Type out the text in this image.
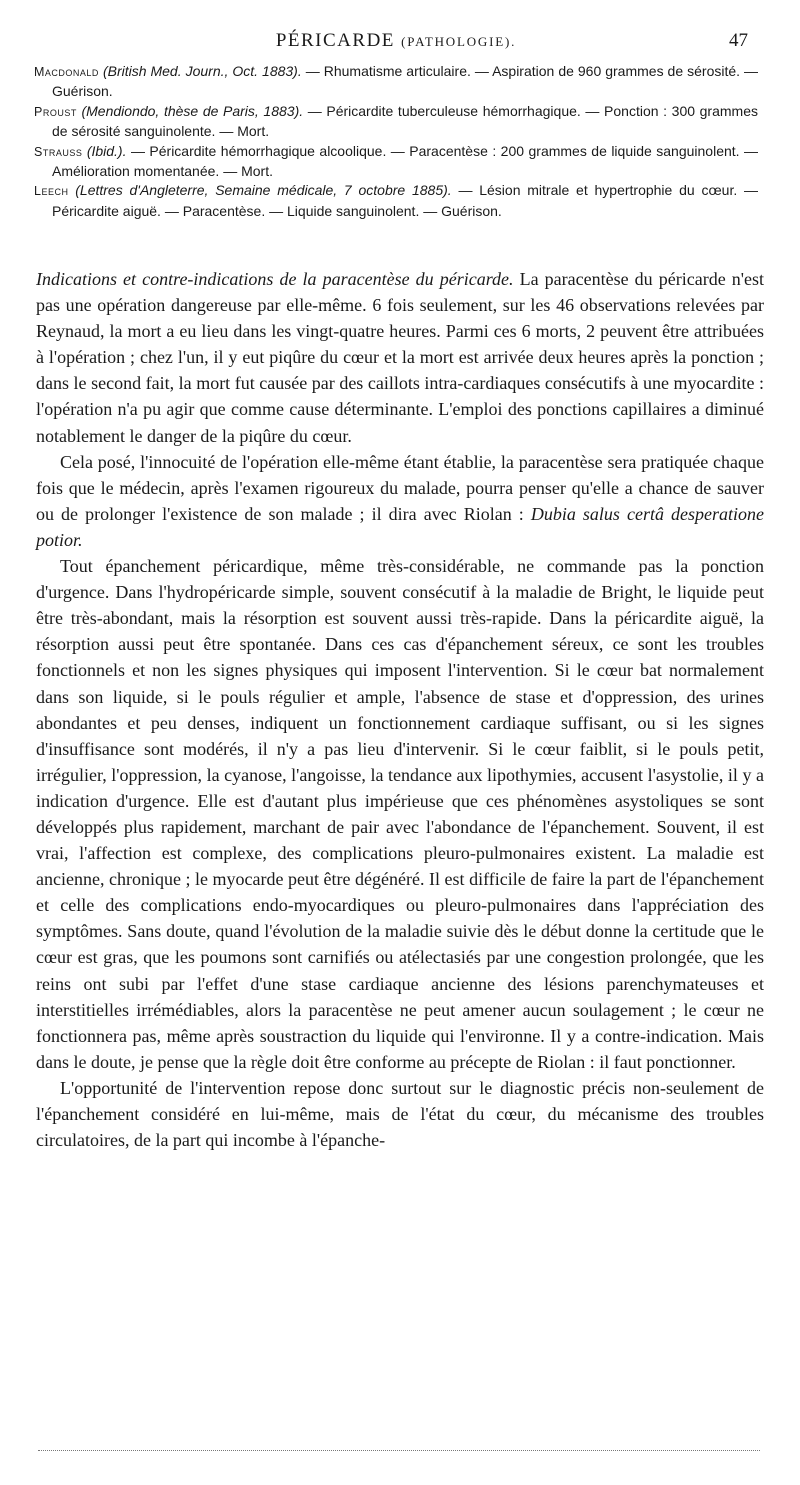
PÉRICARDE (PATHOLOGIE).	47

Macdonald (British Med. Journ., Oct. 1883). — Rhumatisme articulaire. — Aspiration de 960 grammes de sérosité. — Guérison.

Proust (Mendiondo, thèse de Paris, 1883). — Péricardite tuberculeuse hémorrhagique. — Ponction : 300 grammes de sérosité sanguinolente. — Mort.

Strauss (Ibid.). — Péricardite hémorrhagique alcoolique. — Paracentèse : 200 grammes de liquide sanguinolent. — Amélioration momentanée. — Mort.

Leech (Lettres d'Angleterre, Semaine médicale, 7 octobre 1885). — Lésion mitrale et hypertrophie du cœur. — Péricardite aiguë. — Paracentèse. — Liquide sanguinolent. — Guérison.

Indications et contre-indications de la paracentèse du péricarde. La paracentèse du péricarde n'est pas une opération dangereuse par elle-même. 6 fois seulement, sur les 46 observations relevées par Reynaud, la mort a eu lieu dans les vingt-quatre heures. Parmi ces 6 morts, 2 peuvent être attribuées à l'opération ; chez l'un, il y eut piqûre du cœur et la mort est arrivée deux heures après la ponction ; dans le second fait, la mort fut causée par des caillots intra-cardiaques consécutifs à une myocardite : l'opération n'a pu agir que comme cause déterminante. L'emploi des ponctions capillaires a diminué notablement le danger de la piqûre du cœur.

Cela posé, l'innocuité de l'opération elle-même étant établie, la paracentèse sera pratiquée chaque fois que le médecin, après l'examen rigoureux du malade, pourra penser qu'elle a chance de sauver ou de prolonger l'existence de son malade ; il dira avec Riolan : Dubia salus certâ desperatione potior.

Tout épanchement péricardique, même très-considérable, ne commande pas la ponction d'urgence. Dans l'hydropéricarde simple, souvent consécutif à la maladie de Bright, le liquide peut être très-abondant, mais la résorption est souvent aussi très-rapide. Dans la péricardite aiguë, la résorption aussi peut être spontanée. Dans ces cas d'épanchement séreux, ce sont les troubles fonctionnels et non les signes physiques qui imposent l'intervention. Si le cœur bat normalement dans son liquide, si le pouls régulier et ample, l'absence de stase et d'oppression, des urines abondantes et peu denses, indiquent un fonctionnement cardiaque suffisant, ou si les signes d'insuffisance sont modérés, il n'y a pas lieu d'intervenir. Si le cœur faiblit, si le pouls petit, irrégulier, l'oppression, la cyanose, l'angoisse, la tendance aux lipothymies, accusent l'asystolie, il y a indication d'urgence. Elle est d'autant plus impérieuse que ces phénomènes asystoliques se sont développés plus rapidement, marchant de pair avec l'abondance de l'épanchement. Souvent, il est vrai, l'affection est complexe, des complications pleuro-pulmonaires existent. La maladie est ancienne, chronique ; le myocarde peut être dégénéré. Il est difficile de faire la part de l'épanchement et celle des complications endo-myocardiques ou pleuro-pulmonaires dans l'appréciation des symptômes. Sans doute, quand l'évolution de la maladie suivie dès le début donne la certitude que le cœur est gras, que les poumons sont carnifiés ou atélectasiés par une congestion prolongée, que les reins ont subi par l'effet d'une stase cardiaque ancienne des lésions parenchymateuses et interstitielles irrémédiables, alors la paracentèse ne peut amener aucun soulagement ; le cœur ne fonctionnera pas, même après soustraction du liquide qui l'environne. Il y a contre-indication. Mais dans le doute, je pense que la règle doit être conforme au précepte de Riolan : il faut ponctionner.

L'opportunité de l'intervention repose donc surtout sur le diagnostic précis non-seulement de l'épanchement considéré en lui-même, mais de l'état du cœur, du mécanisme des troubles circulatoires, de la part qui incombe à l'épanche-
